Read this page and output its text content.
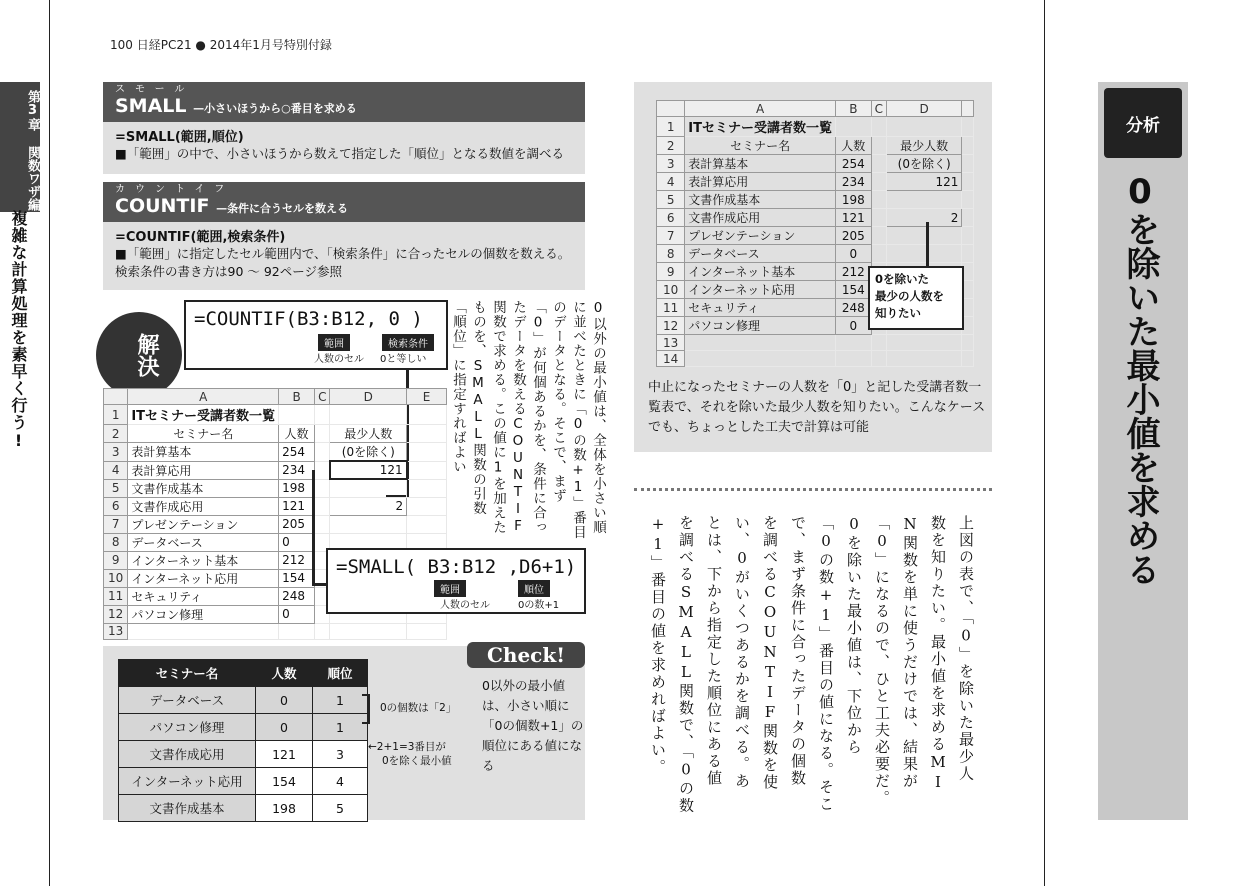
100 日経PC21 ● 2014年1月号特別付録
第3章 関数ワザ編
複雑な計算処理を素早く行う!
スモール
SMALL —小さいほうから○番目を求める
=SMALL(範囲,順位)
■「範囲」の中で、小さいほうから数えて指定した「順位」となる数値を調べる
カウントイフ
COUNTIF —条件に合うセルを数える
=COUNTIF(範囲,検索条件)
■「範囲」に指定したセル範囲内で、「検索条件」に合ったセルの個数を数える。
検索条件の書き方は90 ～ 92ページ参照
解決
=COUNTIF(B3:B12, 0 )
範囲	検索条件
人数のセル 0と等しい
	A	B	C	D	E
1	ITセミナー受講者数一覧				
2	セミナー名	人数		最少人数	
3	表計算基本	254		(0を除く)	
4	表計算応用	234		121	
5	文書作成基本	198			
6	文書作成応用	121		2	
7	プレゼンテーション	205			
8	データベース	0			
9	インターネット基本	212			
10	インターネット応用	154			
11	セキュリティ	248			
12	パソコン修理	0			
13					
=SMALL( B3:B12 ,D6+1)
範囲	順位
人数のセル	0の数+1
0以外の最小値は、全体を小さい順に並べたときに「0の数+1」番目のデータとなる。そこで、まず「0」が何個あるかを、条件に合ったデータを数えるCOUNTIF関数で求める。この値に1を加えたものを、SMALL関数の引数「順位」に指定すればよい
セミナー名	人数	順位
データベース	0	1
パソコン修理	0	1
文書作成応用	121	3
インターネット応用	154	4
文書作成基本	198	5
0の個数は「2」
←2+1=3番目が
0を除く最小値
Check!
0以外の最小値は、小さい順に「0の個数+1」の順位にある値になる
	A	B	C	D	
1	ITセミナー受講者数一覧				
2	セミナー名	人数		最少人数	
3	表計算基本	254		(0を除く)	
4	表計算応用	234		121	
5	文書作成基本	198			
6	文書作成応用	121		2	
7	プレゼンテーション	205			
8	データベース	0			
9	インターネット基本	212			
10	インターネット応用	154			
11	セキュリティ	248			
12	パソコン修理	0			
13					
14					
0を除いた
最少の人数を
知りたい
中止になったセミナーの人数を「0」と記した受講者数一覧表で、それを除いた最少人数を知りたい。こんなケースでも、ちょっとした工夫で計算は可能
上図の表で、「0」を除いた最少人
数を知りたい。最小値を求めるMI
N関数を単に使うだけでは、結果が
「0」になるので、ひと工夫必要だ。
0を除いた最小値は、下位から
「0の数+1」番目の値になる。そこ
で、まず条件に合ったデータの個数
を調べるCOUNTIF関数を使
い、0がいくつあるかを調べる。あ
とは、下から指定した順位にある値
を調べるSMALL関数で、「0の数
+1」番目の値を求めればよい。
分析
0を除いた最小値を求める
